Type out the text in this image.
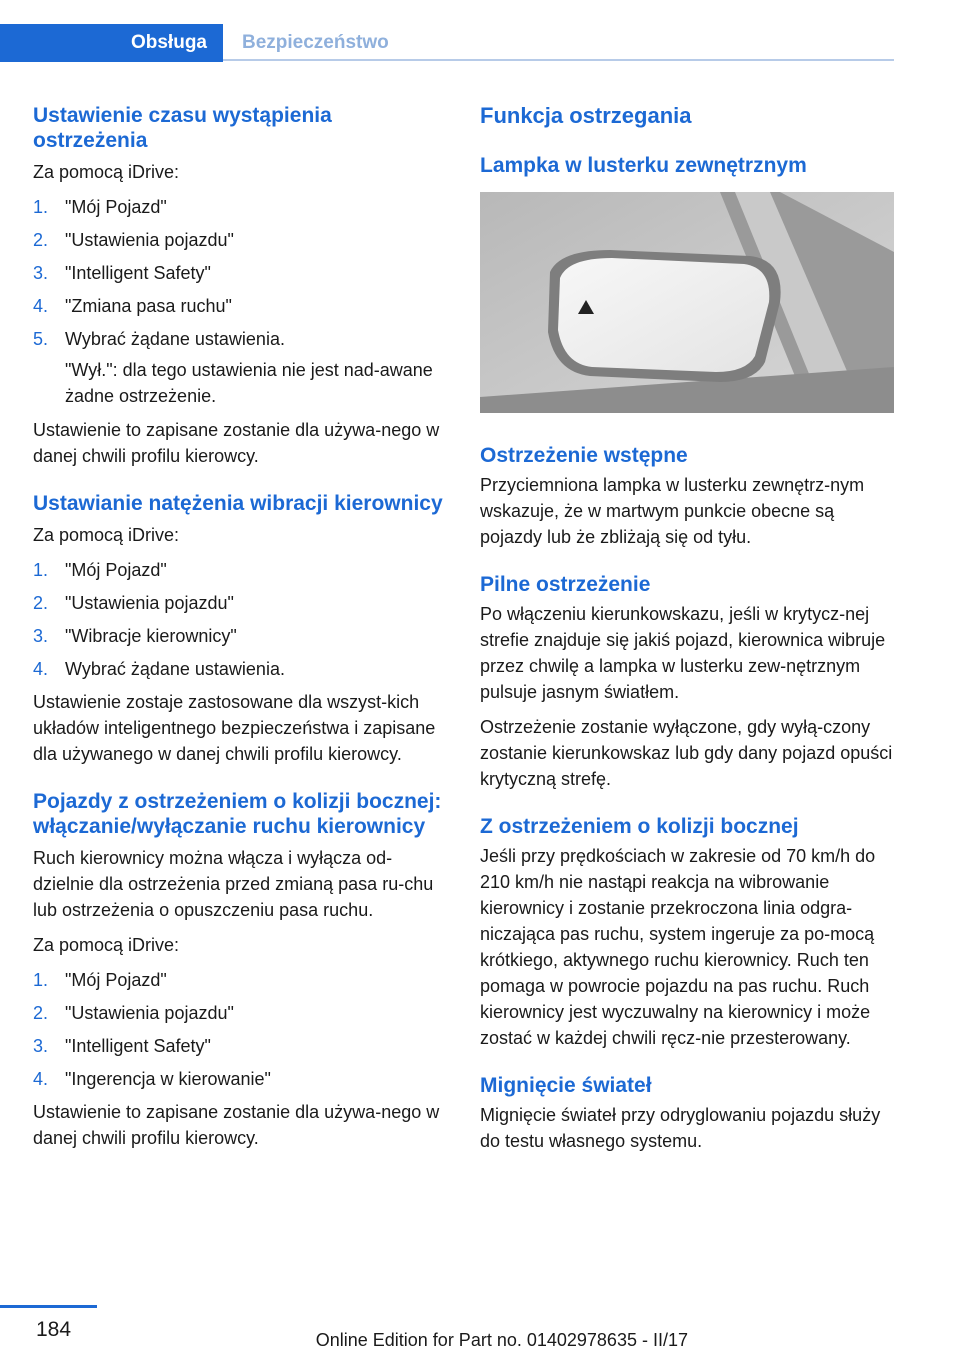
Obsługa	Bezpieczeństwo
Ustawienie czasu wystąpienia ostrzeżenia

Za pomocą iDrive:

1. "Mój Pojazd"
2. "Ustawienia pojazdu"
3. "Intelligent Safety"
4. "Zmiana pasa ruchu"
5. Wybrać żądane ustawienia.
"Wył.": dla tego ustawienia nie jest nad-awane żadne ostrzeżenie.

Ustawienie to zapisane zostanie dla używa-nego w danej chwili profilu kierowcy.

Ustawianie natężenia wibracji kierownicy

Za pomocą iDrive:

1. "Mój Pojazd"
2. "Ustawienia pojazdu"
3. "Wibracje kierownicy"
4. Wybrać żądane ustawienia.

Ustawienie zostaje zastosowane dla wszyst-kich układów inteligentnego bezpieczeństwa i zapisane dla używanego w danej chwili profilu kierowcy.

Pojazdy z ostrzeżeniem o kolizji bocznej: włączanie/wyłączanie ruchu kierownicy

Ruch kierownicy można włącza i wyłącza od-dzielnie dla ostrzeżenia przed zmianą pasa ru-chu lub ostrzeżenia o opuszczeniu pasa ruchu.

Za pomocą iDrive:

1. "Mój Pojazd"
2. "Ustawienia pojazdu"
3. "Intelligent Safety"
4. "Ingerencja w kierowanie"

Ustawienie to zapisane zostanie dla używa-nego w danej chwili profilu kierowcy.

Funkcja ostrzegania
Lampka w lusterku zewnętrznym
Ostrzeżenie wstępne

Przyciemniona lampka w lusterku zewnętrz-nym wskazuje, że w martwym punkcie obecne są pojazdy lub że zbliżają się od tyłu.

Pilne ostrzeżenie

Po włączeniu kierunkowskazu, jeśli w krytycz-nej strefie znajduje się jakiś pojazd, kierownica wibruje przez chwilę a lampka w lusterku zew-nętrznym pulsuje jasnym światłem.

Ostrzeżenie zostanie wyłączone, gdy wyłą-czony zostanie kierunkowskaz lub gdy dany pojazd opuści krytyczną strefę.

Z ostrzeżeniem o kolizji bocznej

Jeśli przy prędkościach w zakresie od 70 km/h do 210 km/h nie nastąpi reakcja na wibrowanie kierownicy i zostanie przekroczona linia odgra-niczająca pas ruchu, system ingeruje za po-mocą krótkiego, aktywnego ruchu kierownicy. Ruch ten pomaga w powrocie pojazdu na pas ruchu. Ruch kierownicy jest wyczuwalny na kierownicy i może zostać w każdej chwili ręcz-nie przesterowany.

Mignięcie świateł

Mignięcie świateł przy odryglowaniu pojazdu służy do testu własnego systemu.

184	Online Edition for Part no. 01402978635 - II/17
